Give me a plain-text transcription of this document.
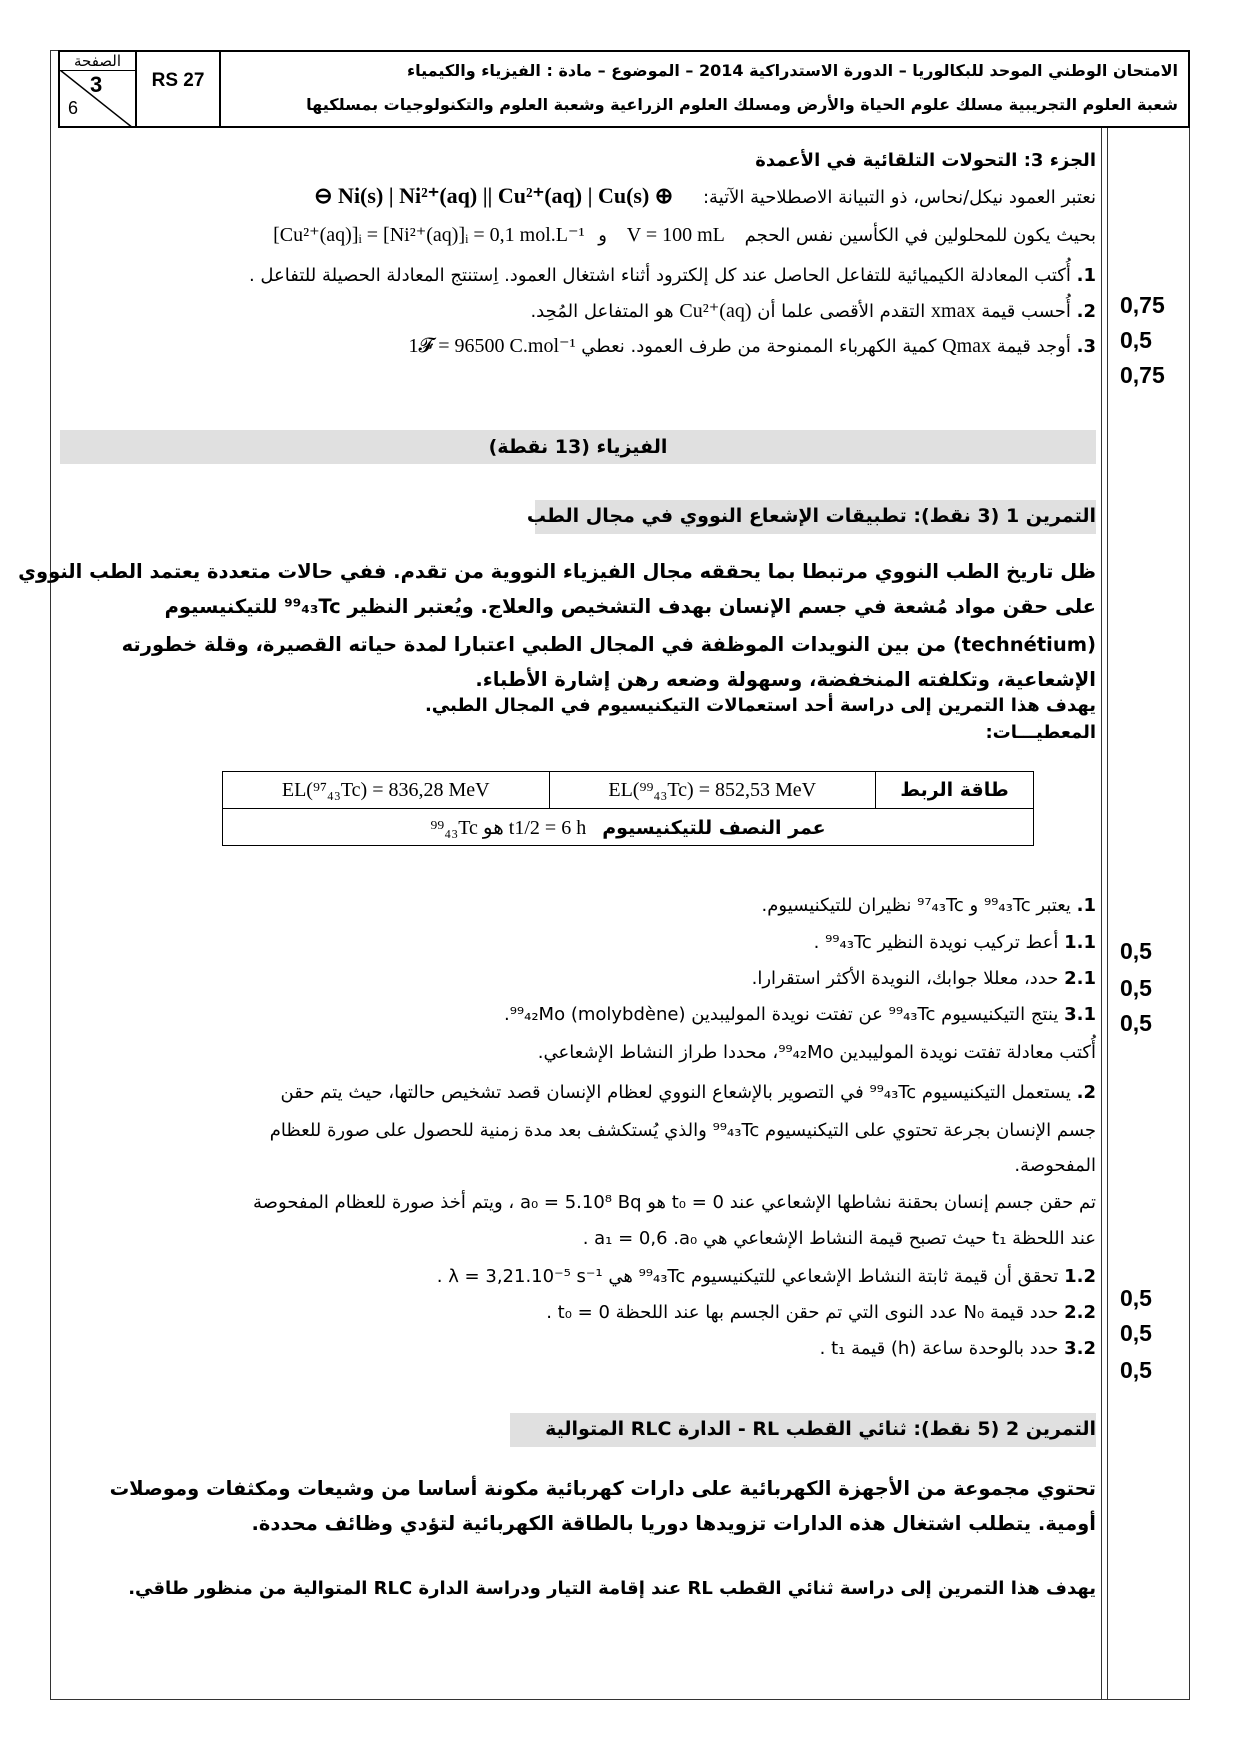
الصفحة
3
6
RS 27	الامتحان الوطني الموحد للبكالوريا – الدورة الاستدراكية 2014 – الموضوع – مادة : الفيزياء والكيمياء
شعبة العلوم التجريبية مسلك علوم الحياة والأرض ومسلك العلوم الزراعية وشعبة العلوم والتكنولوجيات بمسلكيها
الجزء 3: التحولات التلقائية في الأعمدة
نعتبر العمود نيكل/نحاس، ذو التبيانة الاصطلاحية الآتية: ⊖ Ni(s) | Ni²⁺(aq) || Cu²⁺(aq) | Cu(s) ⊕
بحيث يكون للمحلولين في الكأسين نفس الحجم V = 100 mL و [Cu²⁺(aq)]ᵢ = [Ni²⁺(aq)]ᵢ = 0,1 mol.L⁻¹
1. أُكتب المعادلة الكيميائية للتفاعل الحاصل عند كل إلكترود أثناء اشتغال العمود. اِستنتج المعادلة الحصيلة للتفاعل .
2. أُحسب قيمة xmax التقدم الأقصى علما أن Cu²⁺(aq) هو المتفاعل المُحِد.
3. أوجد قيمة Qmax كمية الكهرباء الممنوحة من طرف العمود. نعطي 1𝓕 = 96500 C.mol⁻¹
0,75
0,5
0,75
الفيزياء (13 نقطة)
التمرين 1 (3 نقط): تطبيقات الإشعاع النووي في مجال الطب
ظل تاريخ الطب النووي مرتبطا بما يحققه مجال الفيزياء النووية من تقدم. ففي حالات متعددة يعتمد الطب النووي
على حقن مواد مُشعة في جسم الإنسان بهدف التشخيص والعلاج. ويُعتبر النظير ⁹⁹₄₃Tc للتيكنيسيوم
(technétium) من بين النويدات الموظفة في المجال الطبي اعتبارا لمدة حياته القصيرة، وقلة خطورته
الإشعاعية، وتكلفته المنخفضة، وسهولة وضعه رهن إشارة الأطباء.
يهدف هذا التمرين إلى دراسة أحد استعمالات التيكنيسيوم في المجال الطبي.
المعطيـــات:
طاقة الربط	EL(⁹⁹₄₃Tc) = 852,53 MeV	EL(⁹⁷₄₃Tc) = 836,28 MeV
عمر النصف للتيكنيسيوم ⁹⁹₄₃Tc هو t1/2 = 6 h
1. يعتبر ⁹⁹₄₃Tc و ⁹⁷₄₃Tc نظيران للتيكنيسيوم.
1.1 أعط تركيب نويدة النظير ⁹⁹₄₃Tc .
2.1 حدد، معللا جوابك، النويدة الأكثر استقرارا.
3.1 ينتج التيكنيسيوم ⁹⁹₄₃Tc عن تفتت نويدة الموليبدين ⁹⁹₄₂Mo (molybdène).
أُكتب معادلة تفتت نويدة الموليبدين ⁹⁹₄₂Mo، محددا طراز النشاط الإشعاعي.
2. يستعمل التيكنيسيوم ⁹⁹₄₃Tc في التصوير بالإشعاع النووي لعظام الإنسان قصد تشخيص حالتها، حيث يتم حقن
جسم الإنسان بجرعة تحتوي على التيكنيسيوم ⁹⁹₄₃Tc والذي يُستكشف بعد مدة زمنية للحصول على صورة للعظام
المفحوصة.
تم حقن جسم إنسان بحقنة نشاطها الإشعاعي عند t₀ = 0 هو a₀ = 5.10⁸ Bq ، ويتم أخذ صورة للعظام المفحوصة
عند اللحظة t₁ حيث تصبح قيمة النشاط الإشعاعي هي a₁ = 0,6 .a₀ .
1.2 تحقق أن قيمة ثابتة النشاط الإشعاعي للتيكنيسيوم ⁹⁹₄₃Tc هي λ = 3,21.10⁻⁵ s⁻¹ .
2.2 حدد قيمة N₀ عدد النوى التي تم حقن الجسم بها عند اللحظة t₀ = 0 .
3.2 حدد بالوحدة ساعة (h) قيمة t₁ .
0,5
0,5
0,5
0,5
0,5
0,5
التمرين 2 (5 نقط): ثنائي القطب RL - الدارة RLC المتوالية
تحتوي مجموعة من الأجهزة الكهربائية على دارات كهربائية مكونة أساسا من وشيعات ومكثفات وموصلات
أومية. يتطلب اشتغال هذه الدارات تزويدها دوريا بالطاقة الكهربائية لتؤدي وظائف محددة.
يهدف هذا التمرين إلى دراسة ثنائي القطب RL عند إقامة التيار ودراسة الدارة RLC المتوالية من منظور طاقي.
